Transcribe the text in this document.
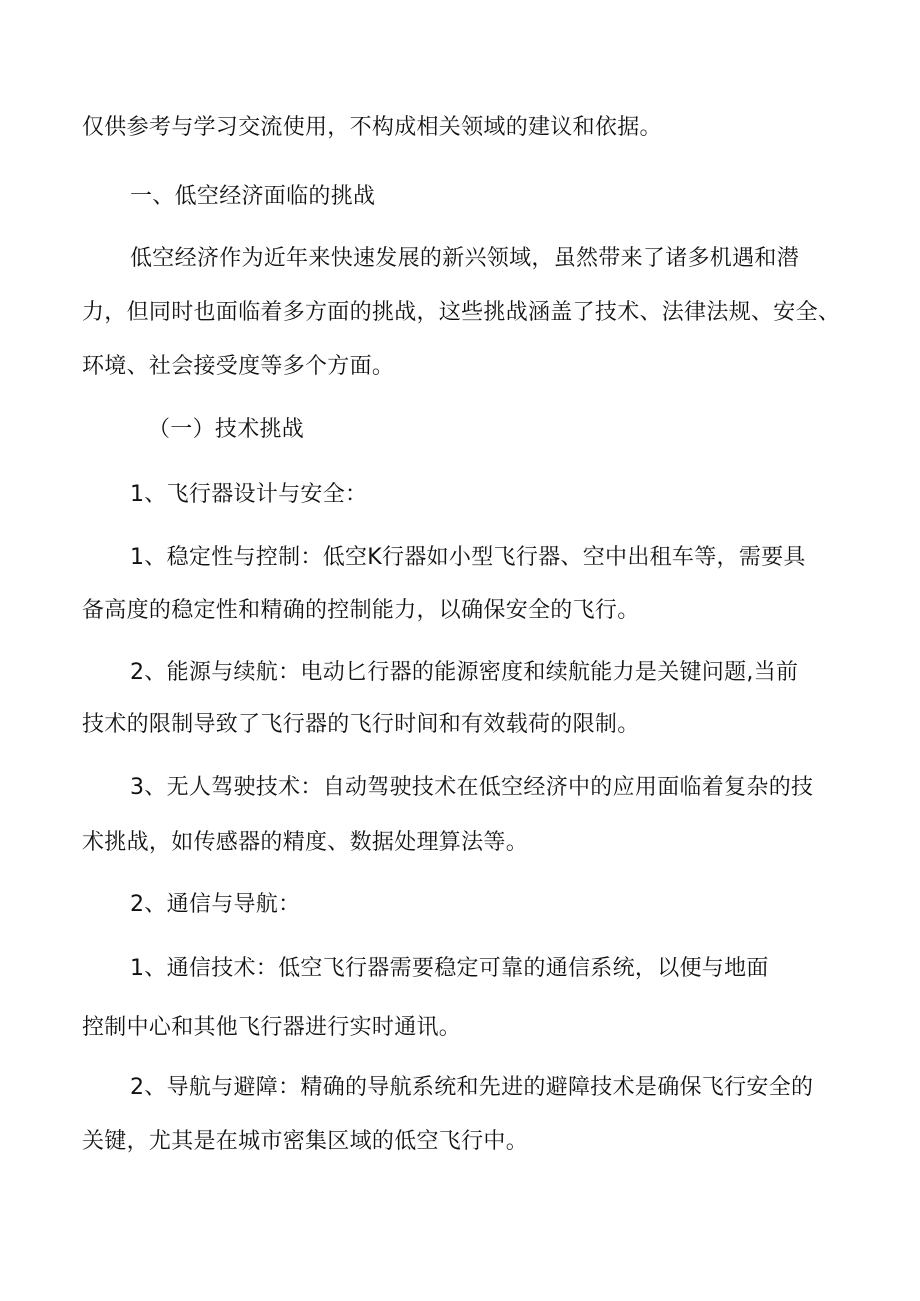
仅供参考与学习交流使用，不构成相关领域的建议和依据。
一、低空经济面临的挑战
低空经济作为近年来快速发展的新兴领域，虽然带来了诸多机遇和潜
力，但同时也面临着多方面的挑战，这些挑战涵盖了技术、法律法规、安全、
环境、社会接受度等多个方面。
（一）技术挑战
1、飞行器设计与安全：
1、稳定性与控制：低空K行器如小型飞行器、空中出租车等，需要具
备高度的稳定性和精确的控制能力，以确保安全的飞行。
2、能源与续航：电动匕行器的能源密度和续航能力是关键问题,当前
技术的限制导致了飞行器的飞行时间和有效载荷的限制。
3、无人驾驶技术：自动驾驶技术在低空经济中的应用面临着复杂的技
术挑战，如传感器的精度、数据处理算法等。
2、通信与导航：
1、通信技术：低空飞行器需要稳定可靠的通信系统，以便与地面
控制中心和其他飞行器进行实时通讯。
2、导航与避障：精确的导航系统和先进的避障技术是确保飞行安全的
关键，尤其是在城市密集区域的低空飞行中。
